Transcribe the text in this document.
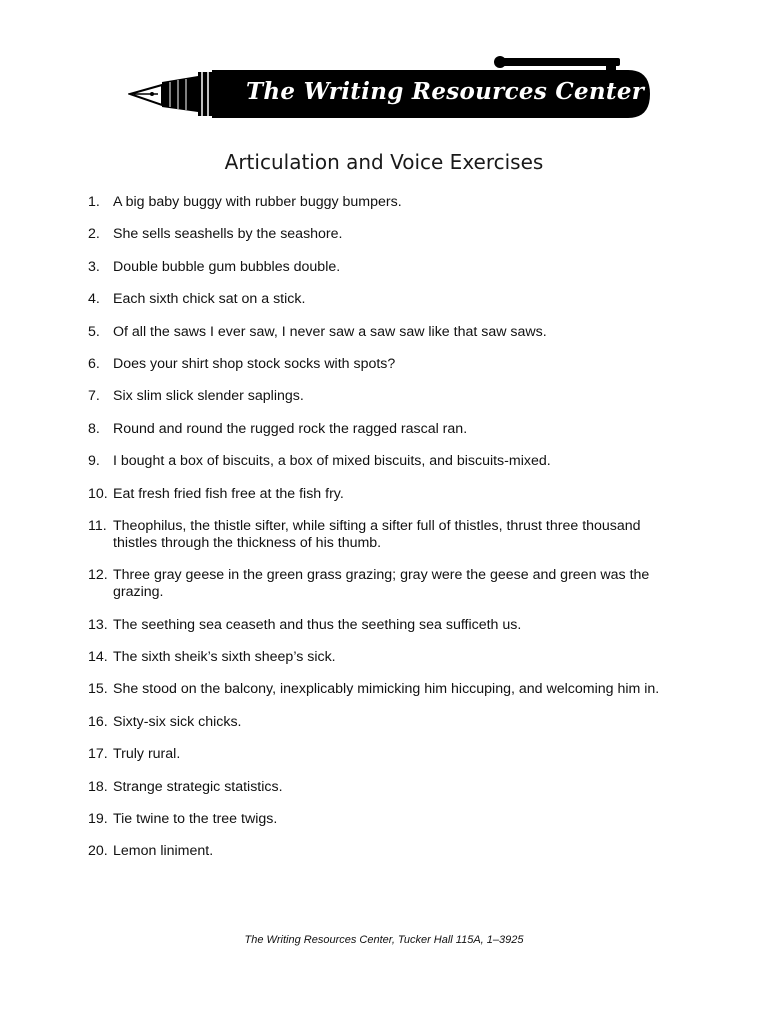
The Writing Resources Center
Articulation and Voice Exercises
1. A big baby buggy with rubber buggy bumpers.
2. She sells seashells by the seashore.
3. Double bubble gum bubbles double.
4. Each sixth chick sat on a stick.
5. Of all the saws I ever saw, I never saw a saw saw like that saw saws.
6. Does your shirt shop stock socks with spots?
7. Six slim slick slender saplings.
8. Round and round the rugged rock the ragged rascal ran.
9. I bought a box of biscuits, a box of mixed biscuits, and biscuits-mixed.
10. Eat fresh fried fish free at the fish fry.
11. Theophilus, the thistle sifter, while sifting a sifter full of thistles, thrust three thousand thistles through the thickness of his thumb.
12. Three gray geese in the green grass grazing; gray were the geese and green was the grazing.
13. The seething sea ceaseth and thus the seething sea sufficeth us.
14. The sixth sheik’s sixth sheep’s sick.
15. She stood on the balcony, inexplicably mimicking him hiccuping, and welcoming him in.
16. Sixty-six sick chicks.
17. Truly rural.
18. Strange strategic statistics.
19. Tie twine to the tree twigs.
20. Lemon liniment.
The Writing Resources Center, Tucker Hall 115A, 1–3925
